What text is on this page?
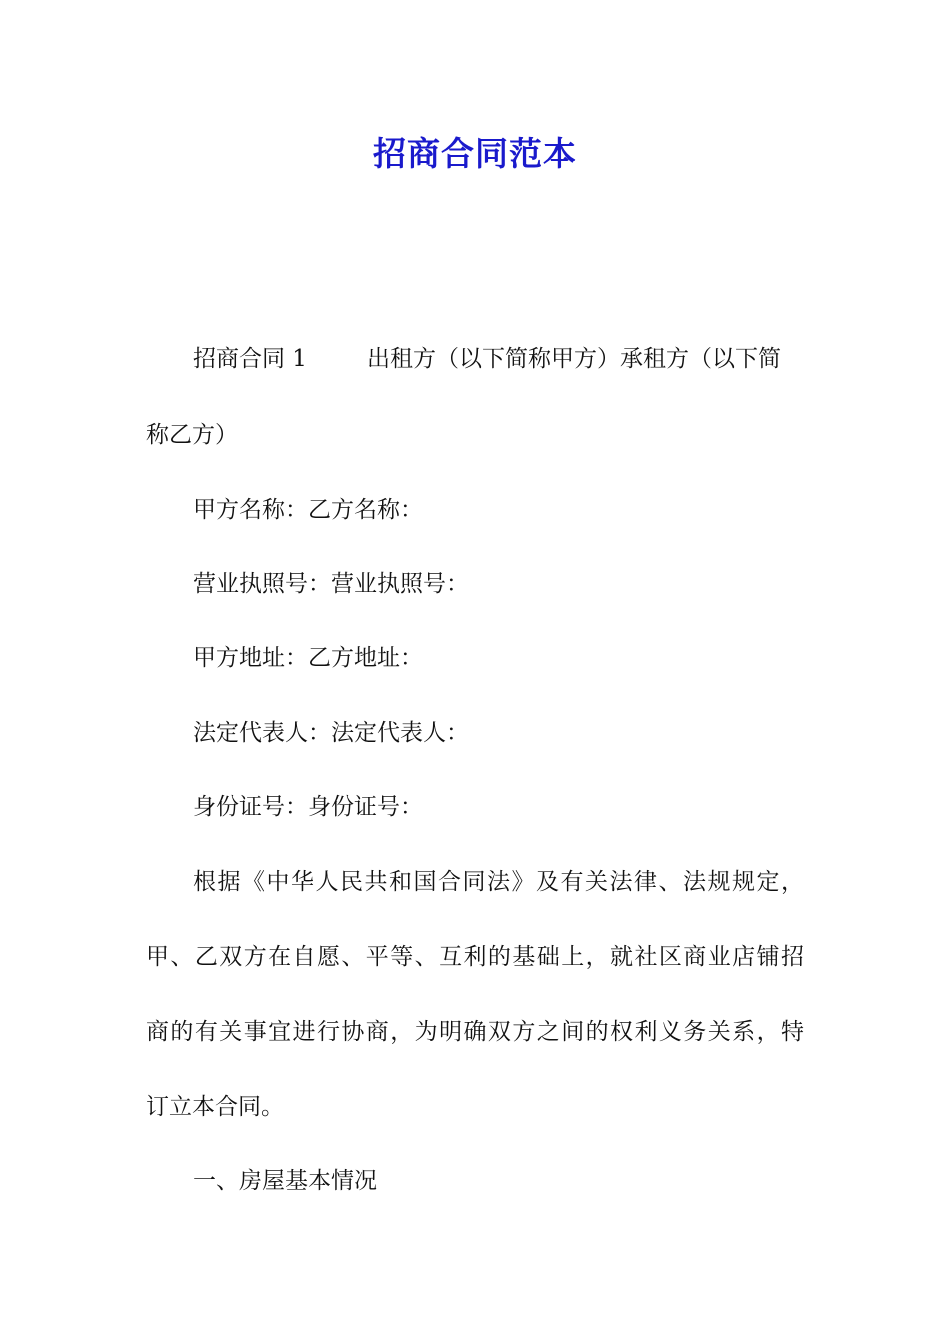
招商合同范本
招商合同 1	出租方（以下简称甲方）承租方（以下简
称乙方）
甲方名称：乙方名称：
营业执照号：营业执照号：
甲方地址：乙方地址：
法定代表人：法定代表人：
身份证号：身份证号：
根据《中华人民共和国合同法》及有关法律、法规规定，
甲、乙双方在自愿、平等、互利的基础上，就社区商业店铺招
商的有关事宜进行协商，为明确双方之间的权利义务关系，特
订立本合同。
一、房屋基本情况
